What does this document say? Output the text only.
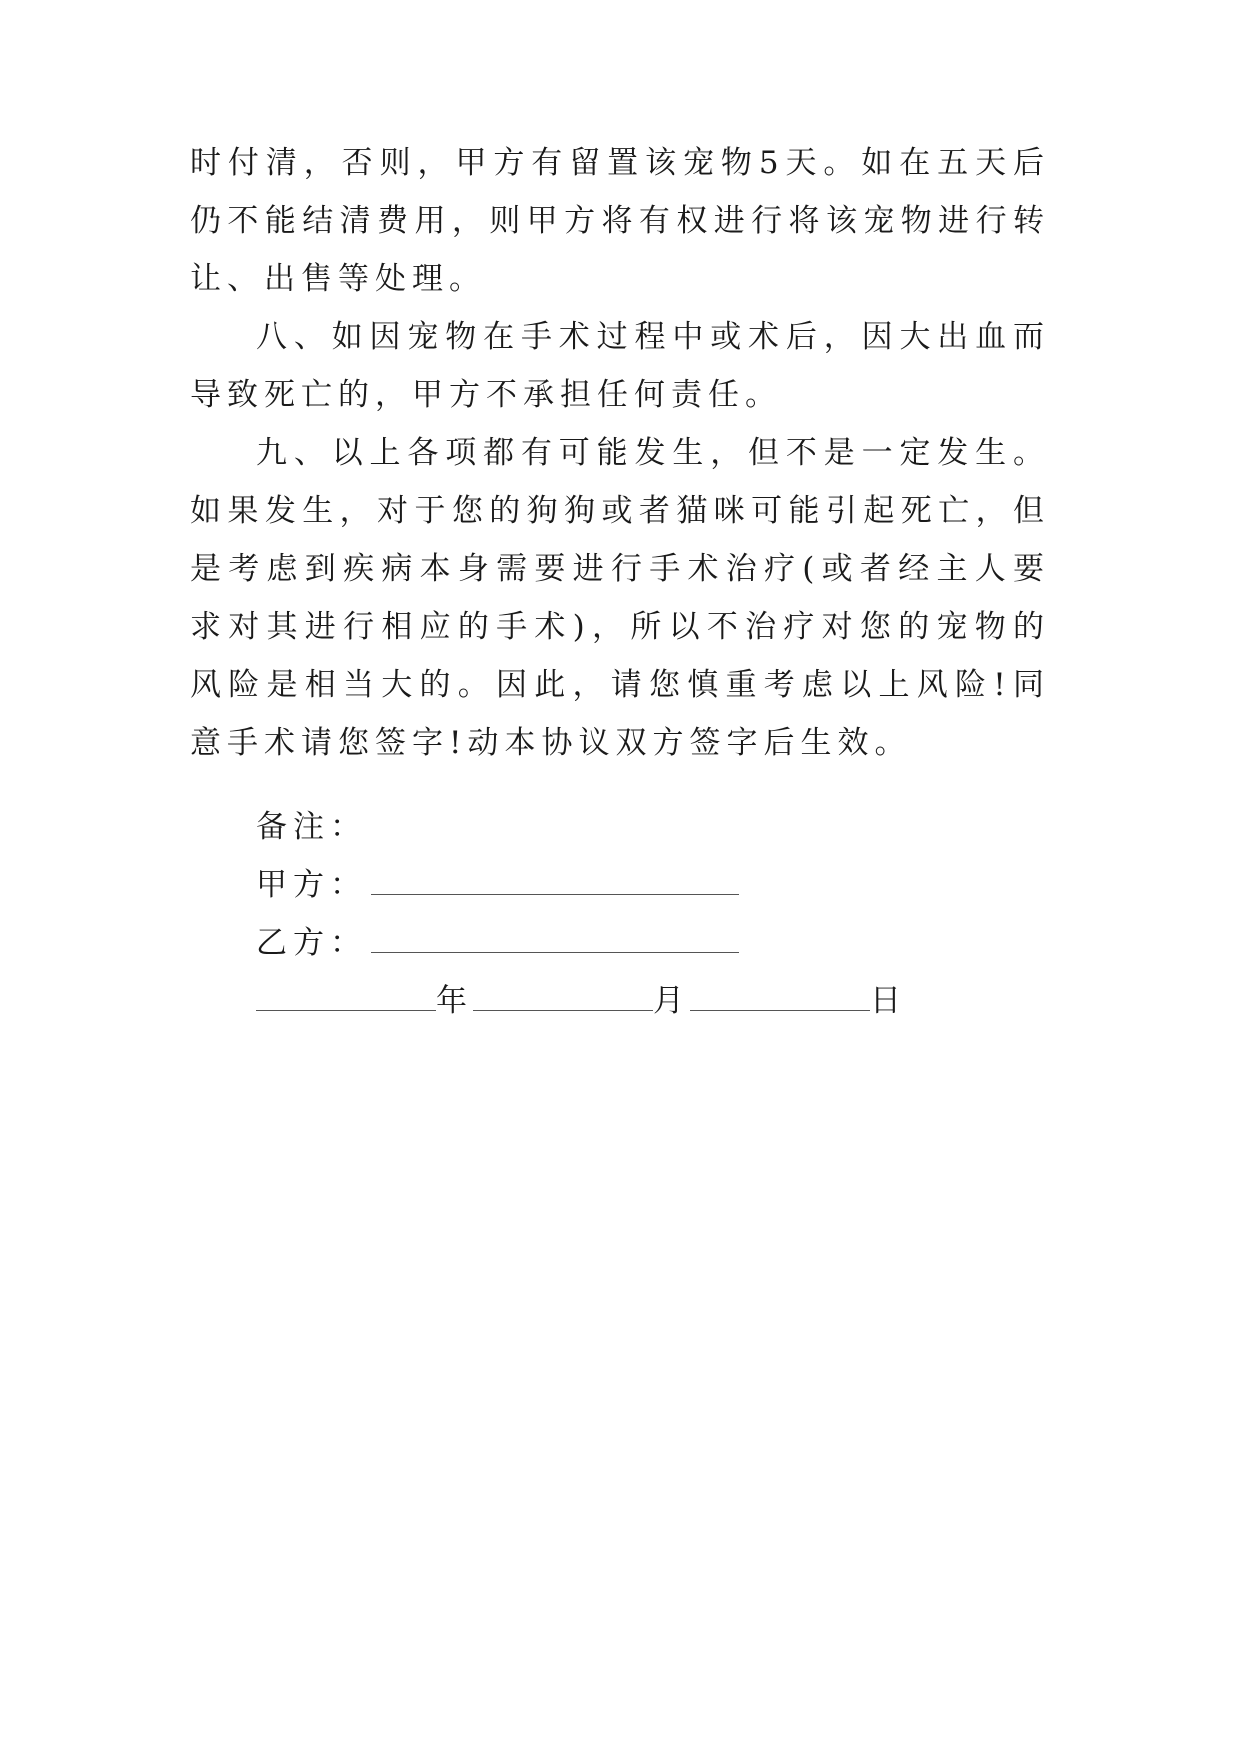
时付清，否则，甲方有留置该宠物5天。如在五天后仍不能结清费用，则甲方将有权进行将该宠物进行转让、出售等处理。

八、如因宠物在手术过程中或术后，因大出血而导致死亡的，甲方不承担任何责任。

九、以上各项都有可能发生，但不是一定发生。如果发生，对于您的狗狗或者猫咪可能引起死亡，但是考虑到疾病本身需要进行手术治疗(或者经主人要求对其进行相应的手术)，所以不治疗对您的宠物的风险是相当大的。因此，请您慎重考虑以上风险!同意手术请您签字!动本协议双方签字后生效。

备注：
甲方：
乙方：
年	月	日
